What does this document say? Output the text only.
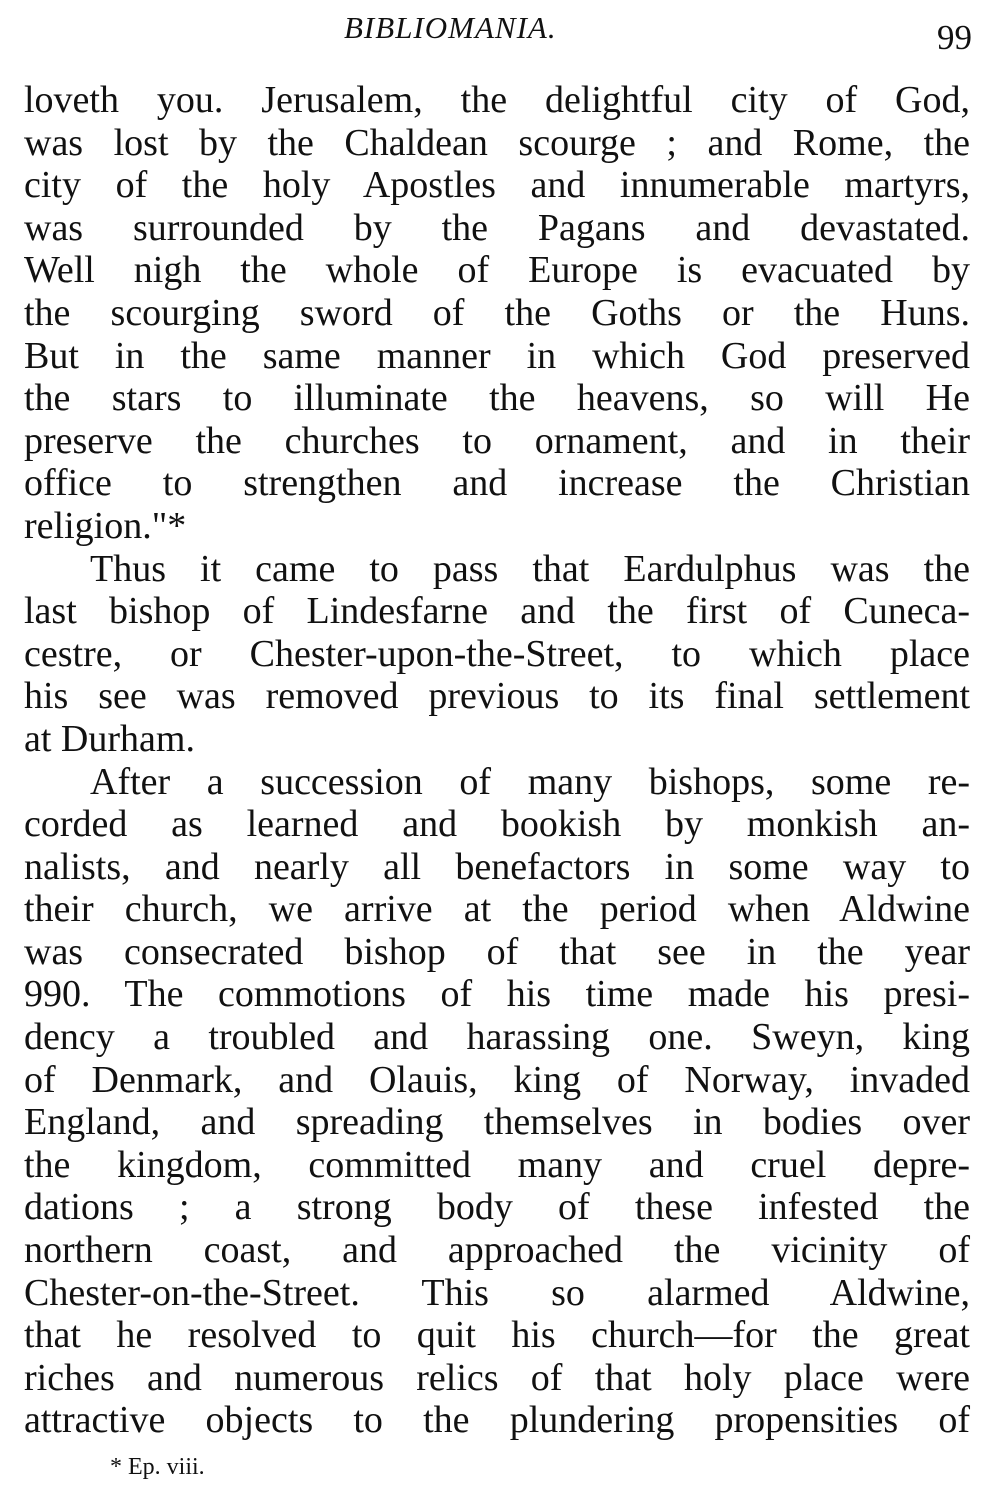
BIBLIOMANIA.	99
loveth you. Jerusalem, the delightful city of God,
was lost by the Chaldean scourge ; and Rome, the
city of the holy Apostles and innumerable martyrs,
was surrounded by the Pagans and devastated.
Well nigh the whole of Europe is evacuated by
the scourging sword of the Goths or the Huns.
But in the same manner in which God preserved
the stars to illuminate the heavens, so will He
preserve the churches to ornament, and in their
office to strengthen and increase the Christian
religion."*
Thus it came to pass that Eardulphus was the
last bishop of Lindesfarne and the first of Cuneca-
cestre, or Chester-upon-the-Street, to which place
his see was removed previous to its final settlement
at Durham.
After a succession of many bishops, some re-
corded as learned and bookish by monkish an-
nalists, and nearly all benefactors in some way to
their church, we arrive at the period when Aldwine
was consecrated bishop of that see in the year
990. The commotions of his time made his presi-
dency a troubled and harassing one. Sweyn, king
of Denmark, and Olauis, king of Norway, invaded
England, and spreading themselves in bodies over
the kingdom, committed many and cruel depre-
dations ; a strong body of these infested the
northern coast, and approached the vicinity of
Chester-on-the-Street. This so alarmed Aldwine,
that he resolved to quit his church—for the great
riches and numerous relics of that holy place were
attractive objects to the plundering propensities of
* Ep. viii.
